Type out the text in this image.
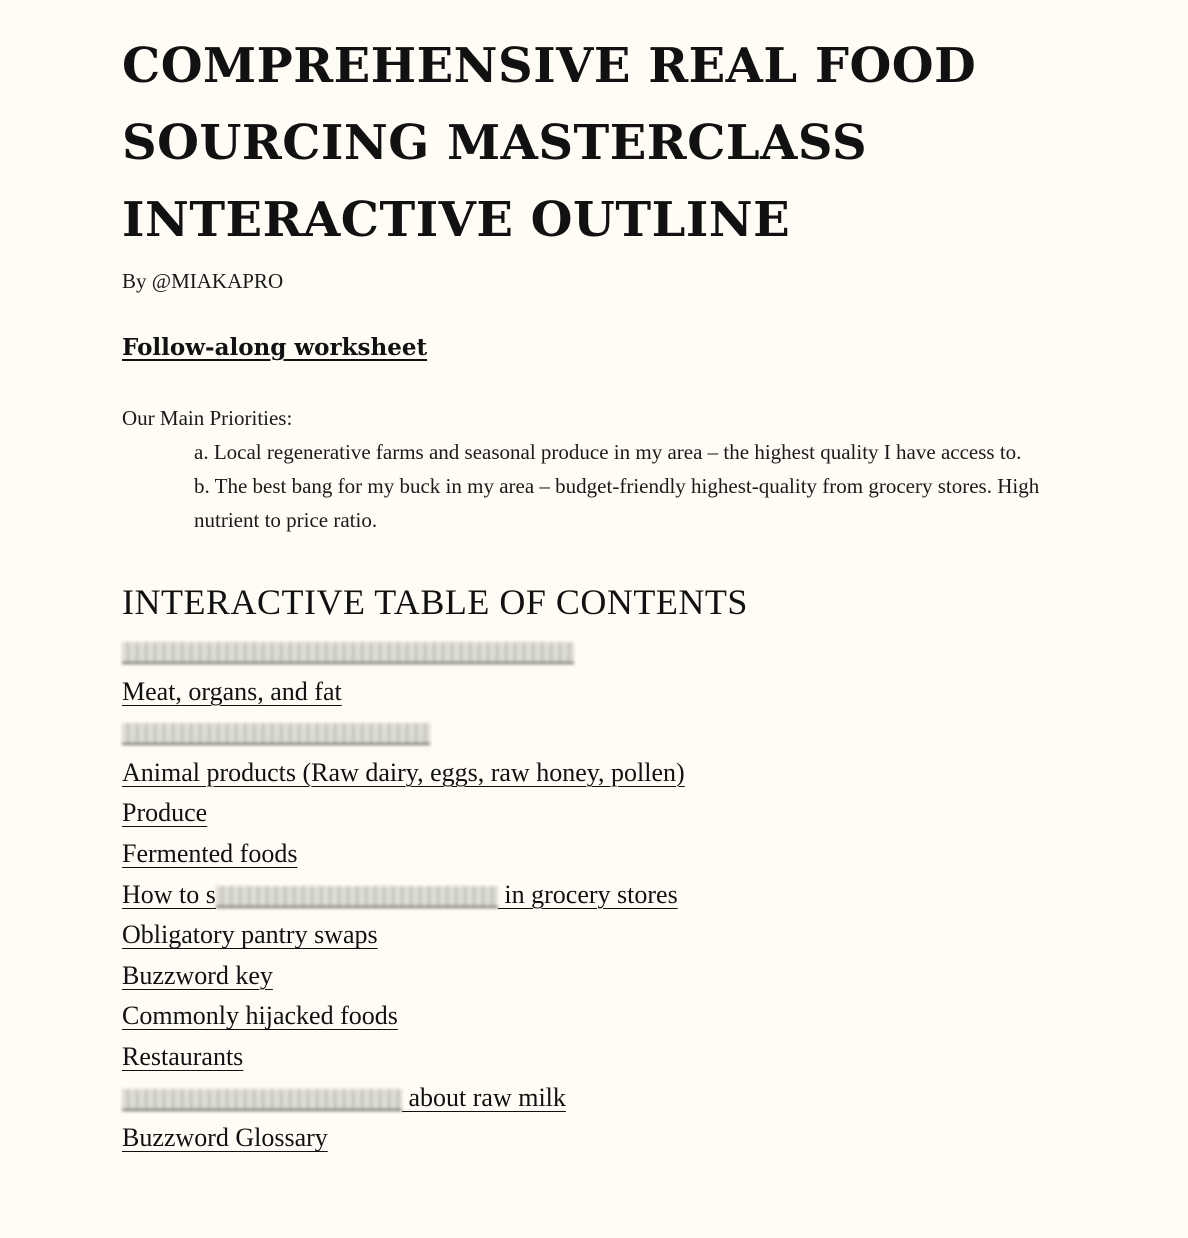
COMPREHENSIVE REAL FOOD SOURCING MASTERCLASS INTERACTIVE OUTLINE
By @MIAKAPRO
Follow-along worksheet
Our Main Priorities:

a. Local regenerative farms and seasonal produce in my area – the highest quality I have access to.

b. The best bang for my buck in my area – budget-friendly highest-quality from grocery stores. High nutrient to price ratio.

INTERACTIVE TABLE OF CONTENTS
Meat, organs, and fat
Animal products (Raw dairy, eggs, raw honey, pollen)
Produce
Fermented foods
How to s	in grocery stores
Obligatory pantry swaps
Buzzword key
Commonly hijacked foods
Restaurants
about raw milk
Buzzword Glossary
